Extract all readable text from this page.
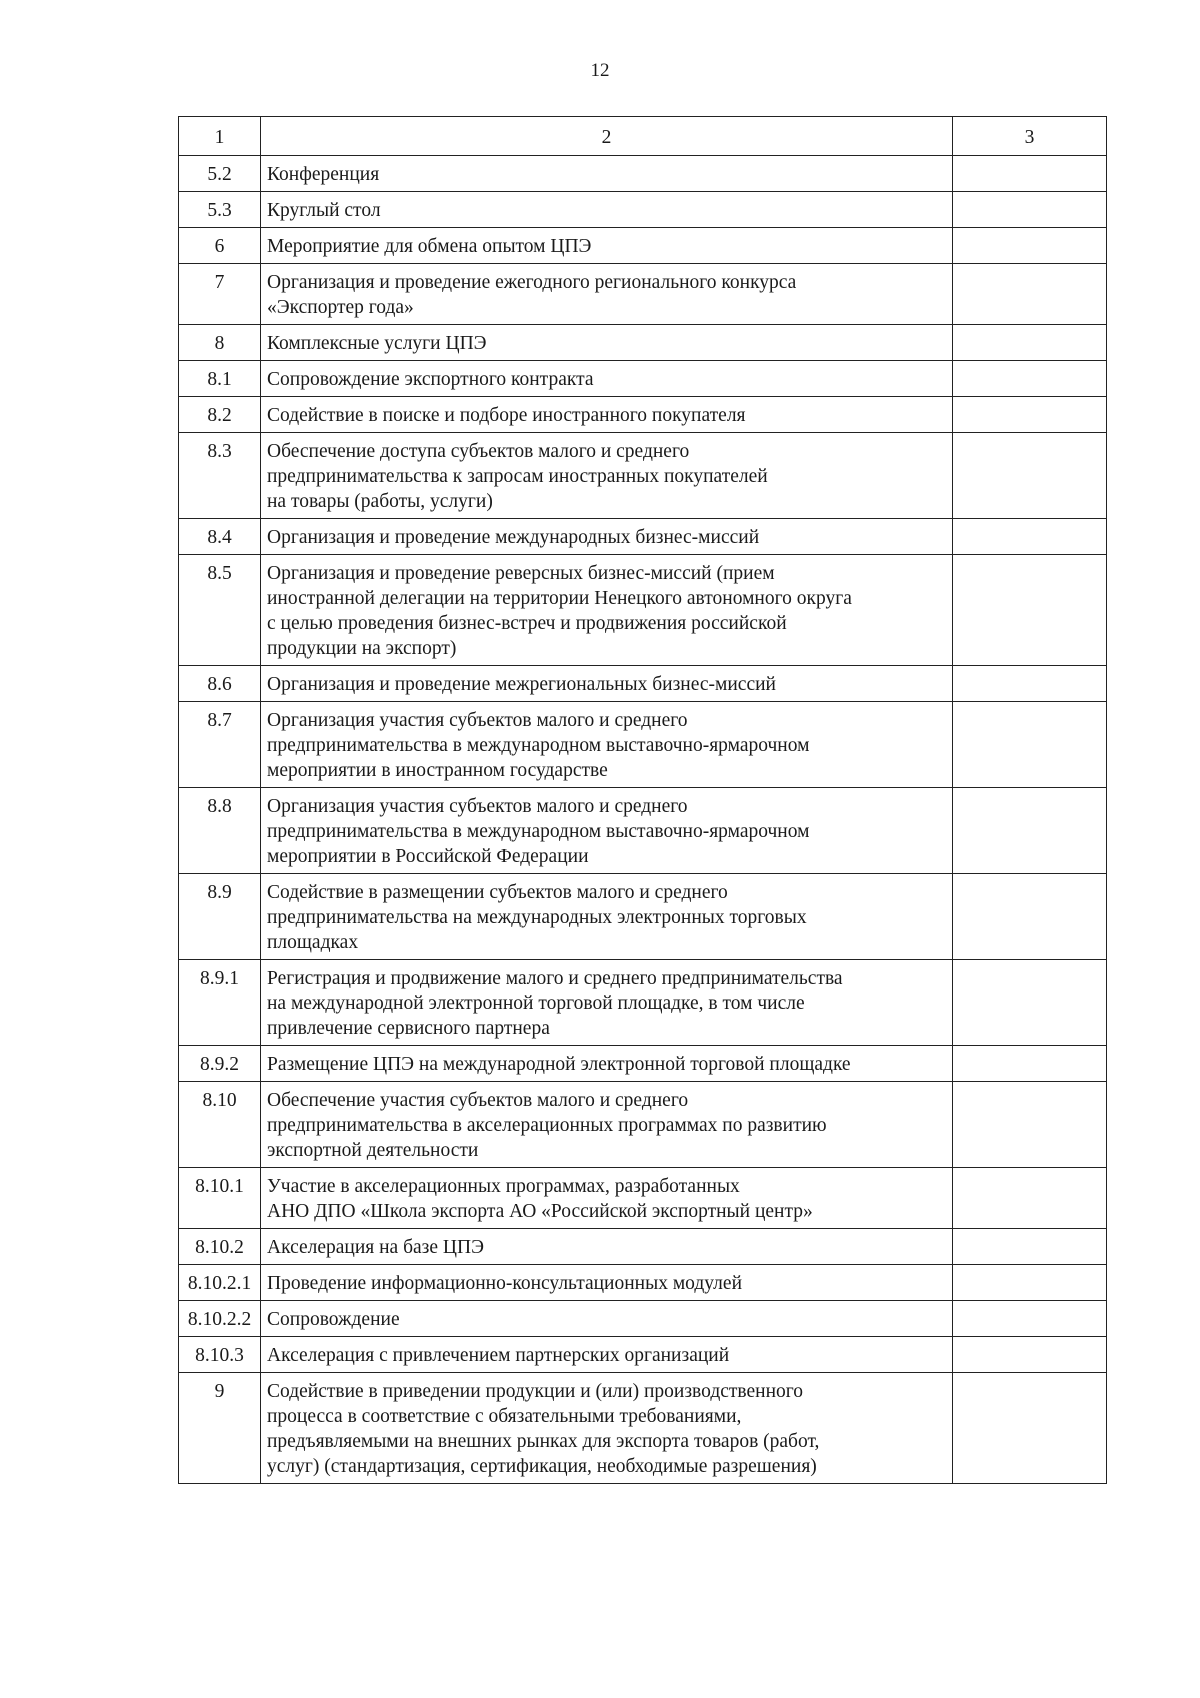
12
1	2	3
5.2	Конференция	
5.3	Круглый стол	
6	Мероприятие для обмена опытом ЦПЭ	
7	Организация и проведение ежегодного регионального конкурса
«Экспортер года»	
8	Комплексные услуги ЦПЭ	
8.1	Сопровождение экспортного контракта	
8.2	Содействие в поиске и подборе иностранного покупателя	
8.3	Обеспечение доступа субъектов малого и среднего
предпринимательства к запросам иностранных покупателей
на товары (работы, услуги)	
8.4	Организация и проведение международных бизнес-миссий	
8.5	Организация и проведение реверсных бизнес-миссий (прием
иностранной делегации на территории Ненецкого автономного округа
с целью проведения бизнес-встреч и продвижения российской
продукции на экспорт)	
8.6	Организация и проведение межрегиональных бизнес-миссий	
8.7	Организация участия субъектов малого и среднего
предпринимательства в международном выставочно-ярмарочном
мероприятии в иностранном государстве	
8.8	Организация участия субъектов малого и среднего
предпринимательства в международном выставочно-ярмарочном
мероприятии в Российской Федерации	
8.9	Содействие в размещении субъектов малого и среднего
предпринимательства на международных электронных торговых
площадках	
8.9.1	Регистрация и продвижение малого и среднего предпринимательства
на международной электронной торговой площадке, в том числе
привлечение сервисного партнера	
8.9.2	Размещение ЦПЭ на международной электронной торговой площадке	
8.10	Обеспечение участия субъектов малого и среднего
предпринимательства в акселерационных программах по развитию
экспортной деятельности	
8.10.1	Участие в акселерационных программах, разработанных
АНО ДПО «Школа экспорта АО «Российской экспортный центр»	
8.10.2	Акселерация на базе ЦПЭ	
8.10.2.1	Проведение информационно-консультационных модулей	
8.10.2.2	Сопровождение	
8.10.3	Акселерация с привлечением партнерских организаций	
9	Содействие в приведении продукции и (или) производственного
процесса в соответствие с обязательными требованиями,
предъявляемыми на внешних рынках для экспорта товаров (работ,
услуг) (стандартизация, сертификация, необходимые разрешения)	
